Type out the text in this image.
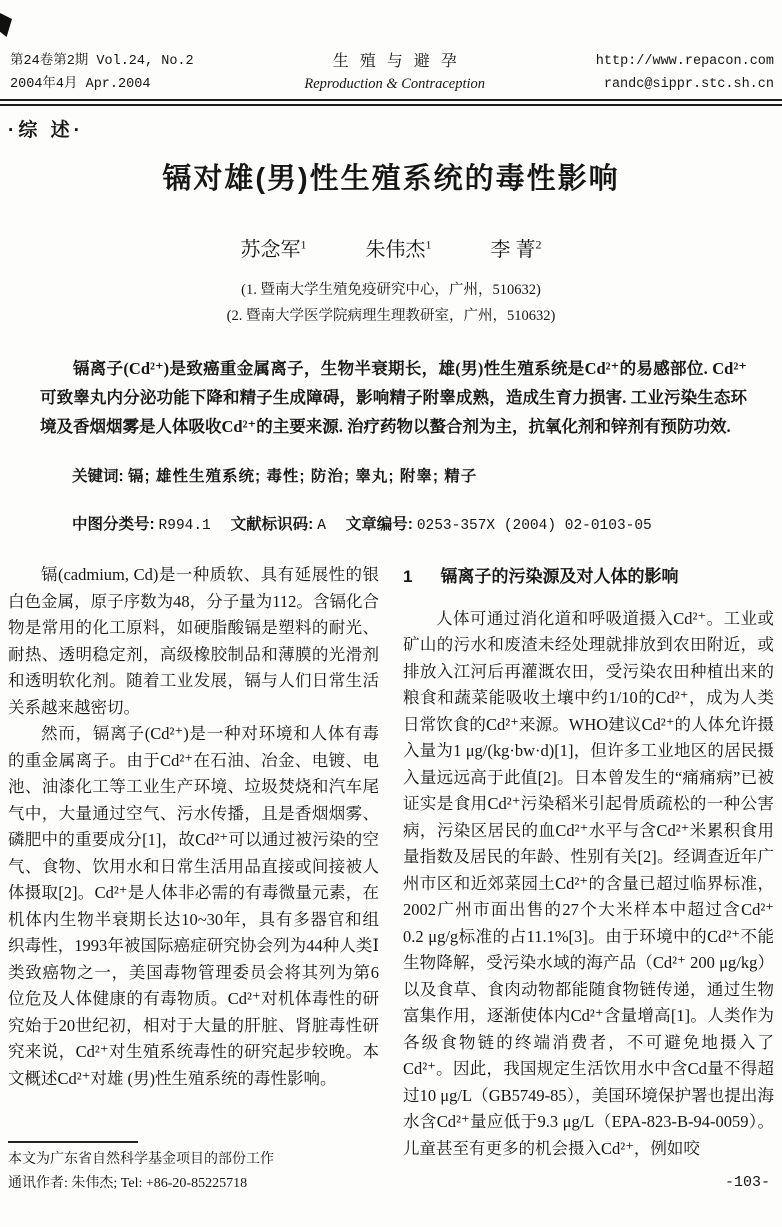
第24卷第2期 Vol.24, No.2
2004年4月 Apr.2004
生殖与避孕
Reproduction & Contraception
http://www.repacon.com
randc@sippr.stc.sh.cn
·综 述·
镉对雄(男)性生殖系统的毒性影响
苏念军$^1$	朱伟杰$^1$	李 菁$^2$
(1. 暨南大学生殖免疫研究中心，广州，510632)
(2. 暨南大学医学院病理生理教研室，广州，510632)

镉离子(Cd²⁺)是致癌重金属离子，生物半衰期长，雄(男)性生殖系统是Cd²⁺的易感部位. Cd²⁺可致睾丸内分泌功能下降和精子生成障碍，影响精子附睾成熟，造成生育力损害. 工业污染生态环境及香烟烟雾是人体吸收Cd²⁺的主要来源. 治疗药物以螯合剂为主，抗氧化剂和锌剂有预防功效.

关键词: 镉; 雄性生殖系统; 毒性; 防治; 睾丸; 附睾; 精子
中图分类号: R994.1 文献标识码: A 文章编号: 0253-357X (2004) 02-0103-05

镉(cadmium, Cd)是一种质软、具有延展性的银白色金属，原子序数为48，分子量为112。含镉化合物是常用的化工原料，如硬脂酸镉是塑料的耐光、耐热、透明稳定剂，高级橡胶制品和薄膜的光滑剂和透明软化剂。随着工业发展，镉与人们日常生活关系越来越密切。

然而，镉离子(Cd²⁺)是一种对环境和人体有毒的重金属离子。由于Cd²⁺在石油、冶金、电镀、电池、油漆化工等工业生产环境、垃圾焚烧和汽车尾气中，大量通过空气、污水传播，且是香烟烟雾、磷肥中的重要成分[1]，故Cd²⁺可以通过被污染的空气、食物、饮用水和日常生活用品直接或间接被人体摄取[2]。Cd²⁺是人体非必需的有毒微量元素，在机体内生物半衰期长达10~30年，具有多器官和组织毒性，1993年被国际癌症研究协会列为44种人类Ⅰ类致癌物之一，美国毒物管理委员会将其列为第6位危及人体健康的有毒物质。Cd²⁺对机体毒性的研究始于20世纪初，相对于大量的肝脏、肾脏毒性研究来说，Cd²⁺对生殖系统毒性的研究起步较晚。本文概述Cd²⁺对雄 (男)性生殖系统的毒性影响。

本文为广东省自然科学基金项目的部份工作
通讯作者: 朱伟杰; Tel: +86-20-85225718
1 镉离子的污染源及对人体的影响

人体可通过消化道和呼吸道摄入Cd²⁺。工业或矿山的污水和废渣未经处理就排放到农田附近，或排放入江河后再灌溉农田，受污染农田种植出来的粮食和蔬菜能吸收土壤中约1/10的Cd²⁺，成为人类日常饮食的Cd²⁺来源。WHO建议Cd²⁺的人体允许摄入量为1 μg/(kg·bw·d)[1]，但许多工业地区的居民摄入量远远高于此值[2]。日本曾发生的“痛痛病”已被证实是食用Cd²⁺污染稻米引起骨质疏松的一种公害病，污染区居民的血Cd²⁺水平与含Cd²⁺米累积食用量指数及居民的年龄、性别有关[2]。经调查近年广州市区和近郊菜园土Cd²⁺的含量已超过临界标准，2002广州市面出售的27个大米样本中超过含Cd²⁺ 0.2 μg/g标准的占11.1%[3]。由于环境中的Cd²⁺不能生物降解，受污染水域的海产品（Cd²⁺ 200 μg/kg）以及食草、食肉动物都能随食物链传递，通过生物富集作用，逐渐使体内Cd²⁺含量增高[1]。人类作为各级食物链的终端消费者，不可避免地摄入了Cd²⁺。因此，我国规定生活饮用水中含Cd量不得超过10 μg/L（GB5749-85），美国环境保护署也提出海水含Cd²⁺量应低于9.3 μg/L（EPA-823-B-94-0059）。儿童甚至有更多的机会摄入Cd²⁺，例如咬

-103-
